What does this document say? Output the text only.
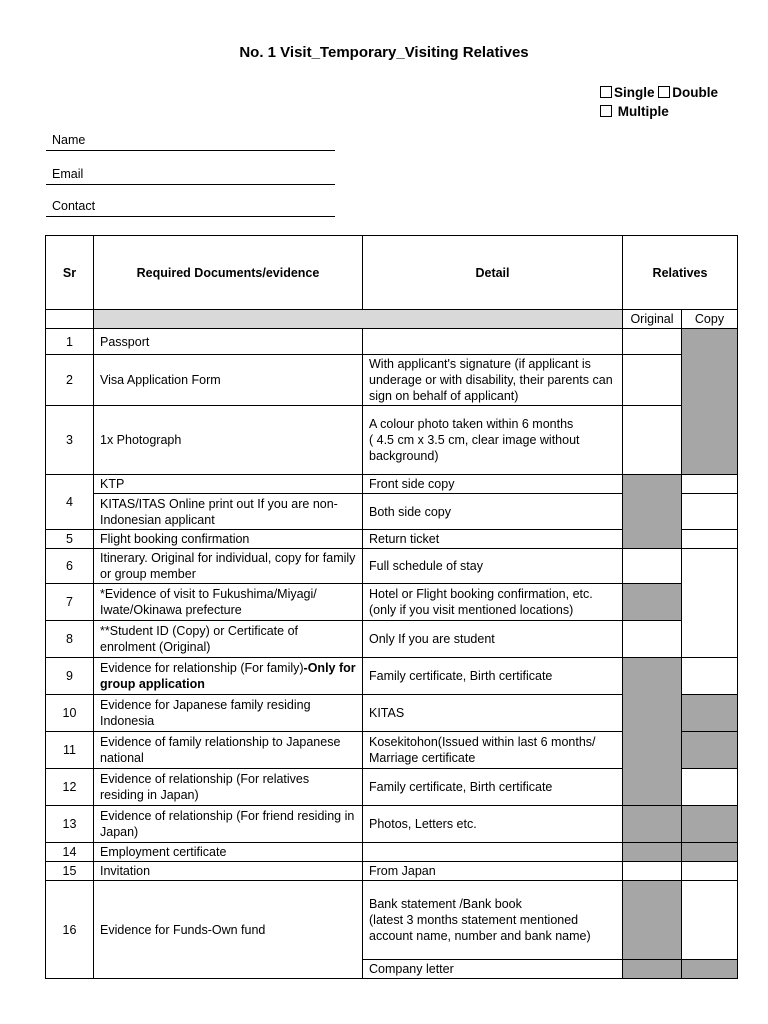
No. 1 Visit_Temporary_Visiting Relatives
Single Double
Multiple
Name
Email
Contact
Sr	Required Documents/evidence	Detail	Relatives	
			Original	Copy
1	Passport			
2	Visa Application Form	With applicant's signature (if applicant is underage or with disability, their parents can sign on behalf of applicant)		
3	1x Photograph	A colour photo taken within 6 months
( 4.5 cm x 3.5 cm, clear image without background)		

4	KTP	Front side copy		
	KITAS/ITAS Online print out If you are non-Indonesian applicant	Both side copy		
5	Flight booking confirmation	Return ticket		
6	Itinerary. Original for individual, copy for family or group member	Full schedule of stay		
7	*Evidence of visit to Fukushima/Miyagi/ Iwate/Okinawa prefecture	Hotel or Flight booking confirmation, etc. (only if you visit mentioned locations)		
8	**Student ID (Copy) or Certificate of enrolment (Original)	Only If you are student		
9	Evidence for relationship (For family)-Only for group application	Family certificate, Birth certificate		
10	Evidence for Japanese family residing Indonesia	KITAS		
11	Evidence of family relationship to Japanese national	Kosekitohon(Issued within last 6 months/ Marriage certificate		
12	Evidence of relationship (For relatives residing in Japan)	Family certificate, Birth certificate		
13	Evidence of relationship (For friend residing in Japan)	Photos, Letters etc.		
14	Employment certificate			
15	Invitation	From Japan		
16	Evidence for Funds-Own fund	Bank statement /Bank book
(latest 3 months statement mentioned account name, number and bank name)		

		Company letter		
